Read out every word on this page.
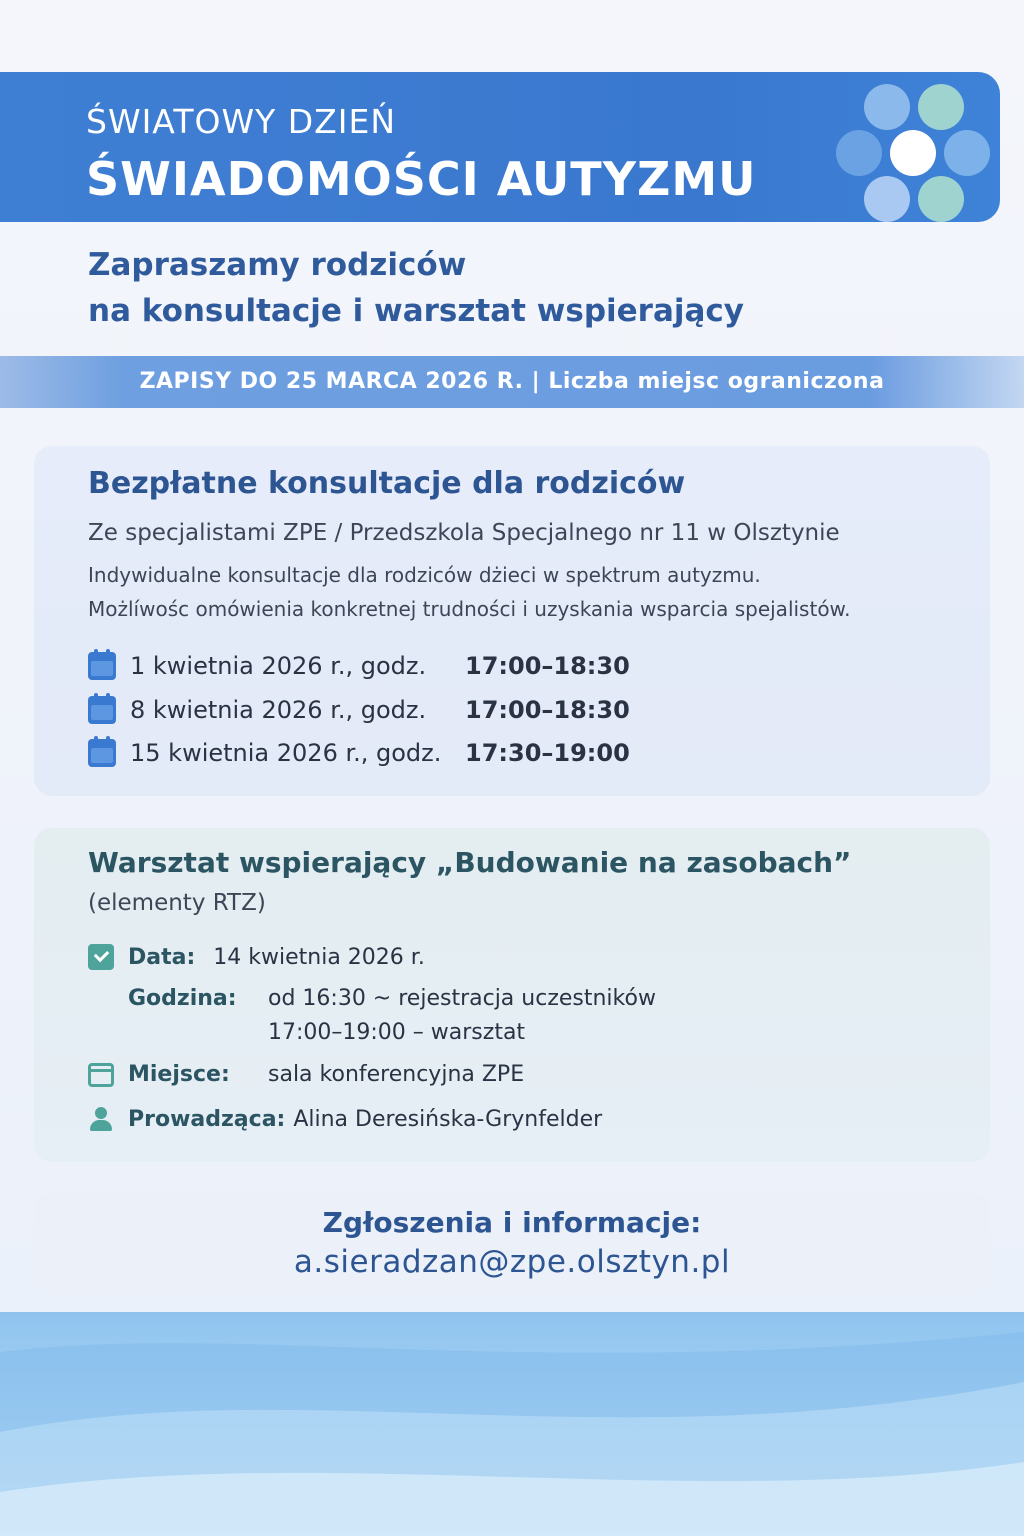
ŚWIATOWY DZIEŃ
ŚWIADOMOŚCI AUTYZMU
Zapraszamy rodziców
na konsultacje i warsztat wspierający
ZAPISY DO 25 MARCA 2026 R. | Liczba miejsc ograniczona
Bezpłatne konsultacje dla rodziców
Ze specjalistami ZPE / Przedszkola Specjalnego nr 11 w Olsztynie
Indywidualne konsultacje dla rodziców dżieci w spektrum autyzmu.
Możlíwośc omówienia konkretnej trudności i uzyskania wsparcia spejalistów.
1 kwietnia 2026 r., godz.	17:00–18:30
8 kwietnia 2026 r., godz.	17:00–18:30
15 kwietnia 2026 r., godz. 17:30–19:00
Warsztat wspierający „Budowanie na zasobach”
(elementy RTZ)
Data: 14 kwietnia 2026 r.
Godzina:	od 16:30 ~ rejestracja uczestników
17:00–19:00 – warsztat
Miejsce:	sala konferencyjna ZPE
Prowadząca: Alina Deresińska-Grynfelder
Zgłoszenia i informacje:
a.sieradzan@zpe.olsztyn.pl
